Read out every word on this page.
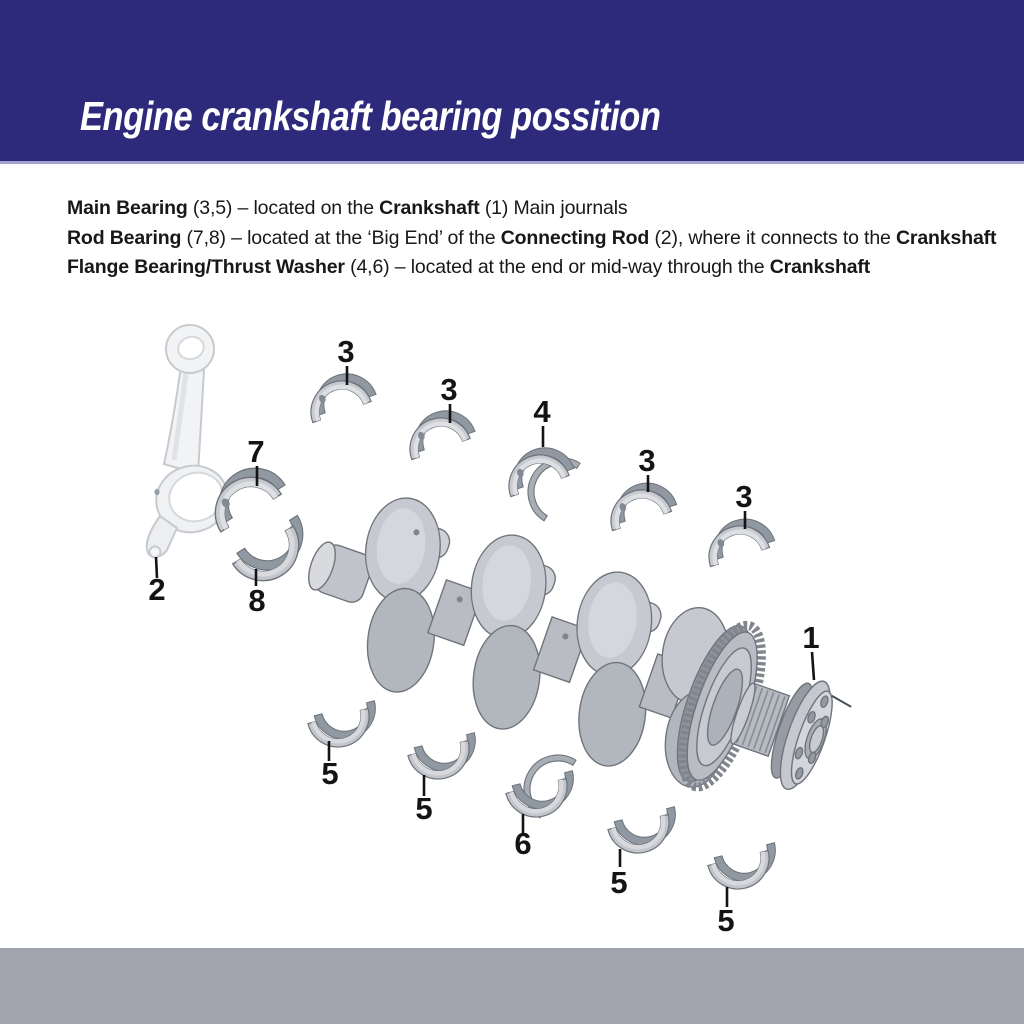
Engine crankshaft bearing possition

Main Bearing (3,5) – located on the Crankshaft (1) Main journals

Rod Bearing (7,8) – located at the ‘Big End’ of the Connecting Rod (2), where it connects to the Crankshaft

Flange Bearing/Thrust Washer (4,6) – located at the end or mid-way through the Crankshaft

3
3
4
3
3
1
7
2	8
5
5
6
5
5
